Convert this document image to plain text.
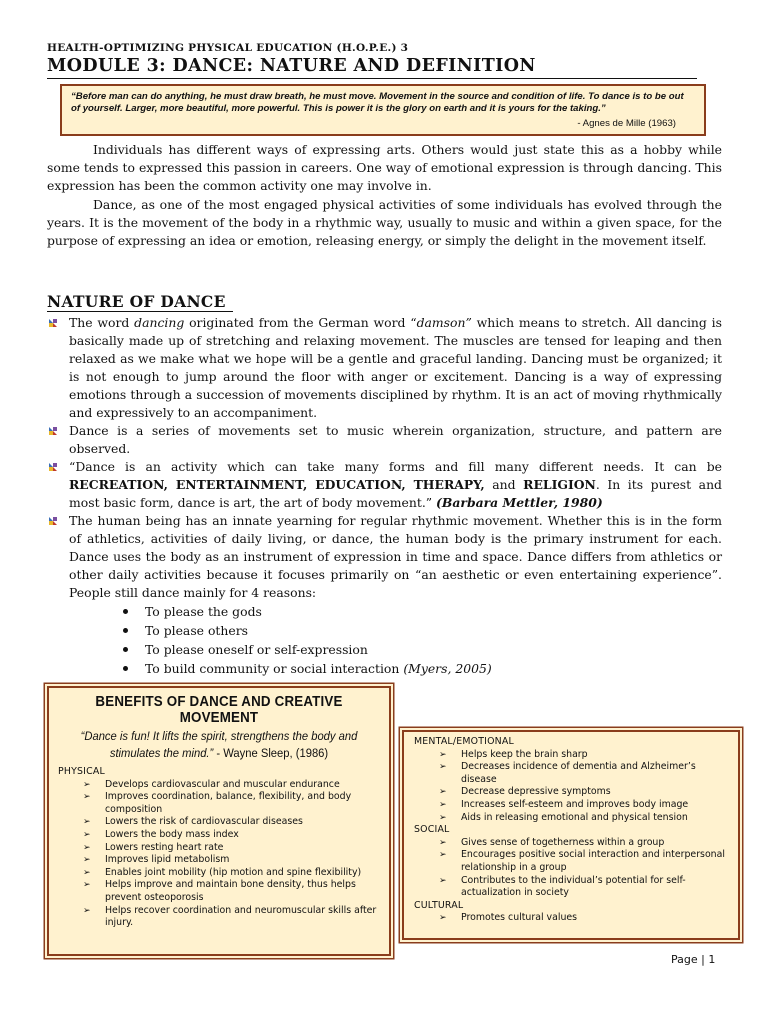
HEALTH-OPTIMIZING PHYSICAL EDUCATION (H.O.P.E.) 3
MODULE 3: DANCE: NATURE AND DEFINITION
“Before man can do anything, he must draw breath, he must move. Movement in the source and condition of life. To dance is to be out of yourself. Larger, more beautiful, more powerful. This is power it is the glory on earth and it is yours for the taking.”
- Agnes de Mille (1963)

Individuals has different ways of expressing arts. Others would just state this as a hobby while some tends to expressed this passion in careers. One way of emotional expression is through dancing. This expression has been the common activity one may involve in.

Dance, as one of the most engaged physical activities of some individuals has evolved through the years. It is the movement of the body in a rhythmic way, usually to music and within a given space, for the purpose of expressing an idea or emotion, releasing energy, or simply the delight in the movement itself.

NATURE OF DANCE
The word dancing originated from the German word “damson” which means to stretch. All dancing is basically made up of stretching and relaxing movement. The muscles are tensed for leaping and then relaxed as we make what we hope will be a gentle and graceful landing. Dancing must be organized; it is not enough to jump around the floor with anger or excitement. Dancing is a way of expressing emotions through a succession of movements disciplined by rhythm. It is an act of moving rhythmically and expressively to an accompaniment.
Dance is a series of movements set to music wherein organization, structure, and pattern are observed.
“Dance is an activity which can take many forms and fill many different needs. It can be RECREATION, ENTERTAINMENT, EDUCATION, THERAPY, and RELIGION. In its purest and most basic form, dance is art, the art of body movement.” (Barbara Mettler, 1980)
The human being has an innate yearning for regular rhythmic movement. Whether this is in the form of athletics, activities of daily living, or dance, the human body is the primary instrument for each. Dance uses the body as an instrument of expression in time and space. Dance differs from athletics or other daily activities because it focuses primarily on “an aesthetic or even entertaining experience”. People still dance mainly for 4 reasons:
To please the gods
To please others
To please oneself or self-expression
To build community or social interaction (Myers, 2005)
BENEFITS OF DANCE AND CREATIVE MOVEMENT
“Dance is fun! It lifts the spirit, strengthens the body and stimulates the mind.” - Wayne Sleep, (1986)
PHYSICAL
➢ Develops cardiovascular and muscular endurance
➢ Improves coordination, balance, flexibility, and body composition
➢ Lowers the risk of cardiovascular diseases
➢ Lowers the body mass index
➢ Lowers resting heart rate
➢ Improves lipid metabolism
➢ Enables joint mobility (hip motion and spine flexibility)
➢ Helps improve and maintain bone density, thus helps prevent osteoporosis
➢ Helps recover coordination and neuromuscular skills after injury.
MENTAL/EMOTIONAL
➢ Helps keep the brain sharp
➢ Decreases incidence of dementia and Alzheimer’s disease
➢ Decrease depressive symptoms
➢ Increases self-esteem and improves body image
➢ Aids in releasing emotional and physical tension
SOCIAL
➢ Gives sense of togetherness within a group
➢ Encourages positive social interaction and interpersonal relationship in a group
➢ Contributes to the individual’s potential for self-actualization in society
CULTURAL
➢ Promotes cultural values
Page | 1
